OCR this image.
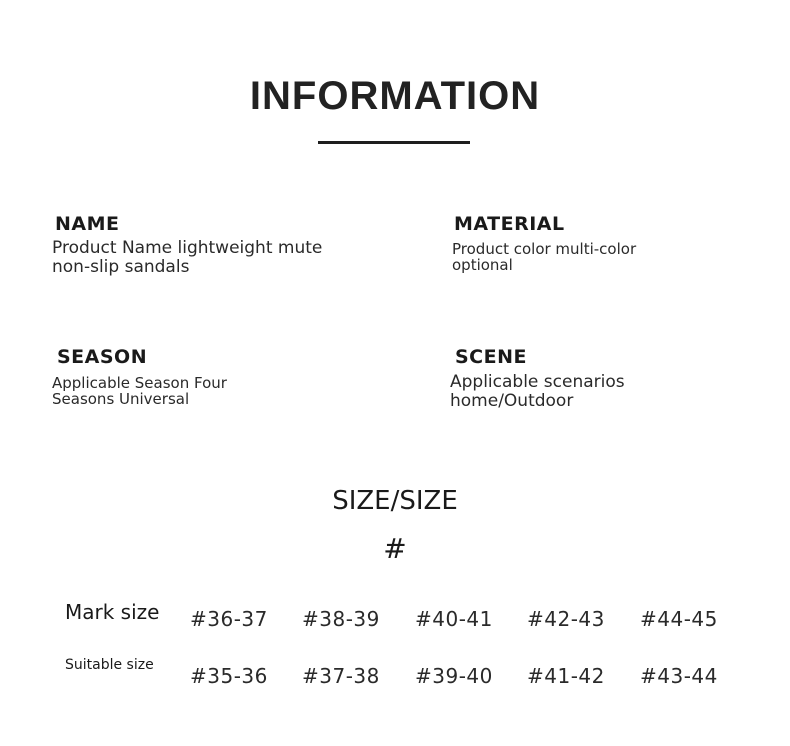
INFORMATION
NAME
Product Name lightweight mute
non-slip sandals
MATERIAL
Product color multi-color
optional
SEASON
Applicable Season Four
Seasons Universal
SCENE
Applicable scenarios
home/Outdoor
SIZE/SIZE
#
Mark size #36-37 #38-39 #40-41 #42-43 #44-45
Suitable size #35-36 #37-38 #39-40 #41-42 #43-44
